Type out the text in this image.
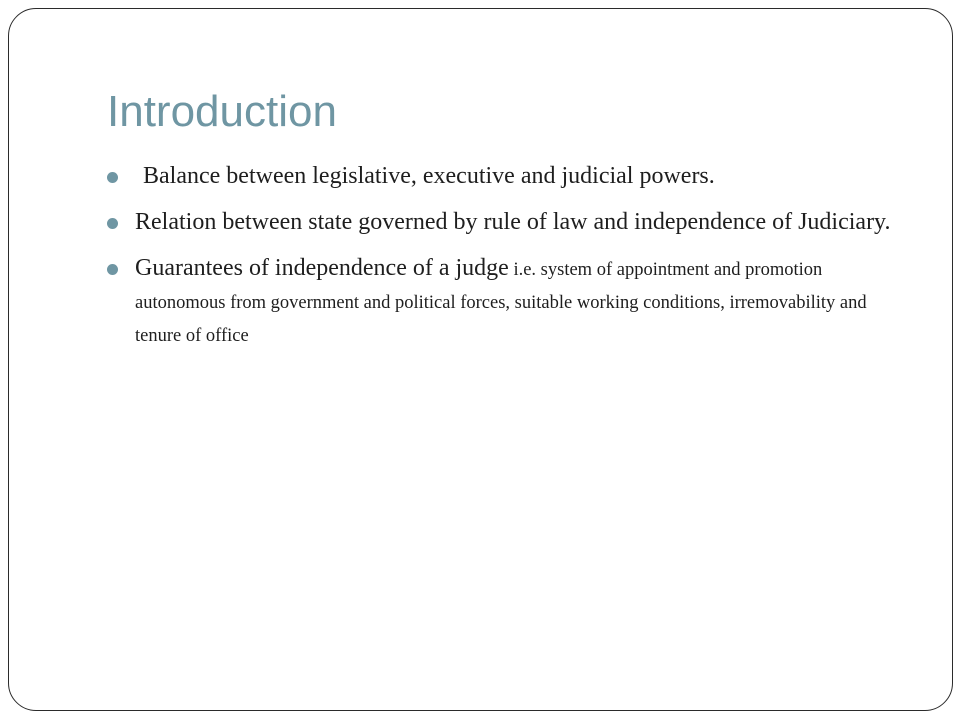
Introduction
Balance between legislative, executive and judicial powers.
Relation between state governed by rule of law and independence of Judiciary.
Guarantees of independence of a judge i.e. system of appointment and promotion autonomous from government and political forces, suitable working conditions, irremovability and tenure of office
